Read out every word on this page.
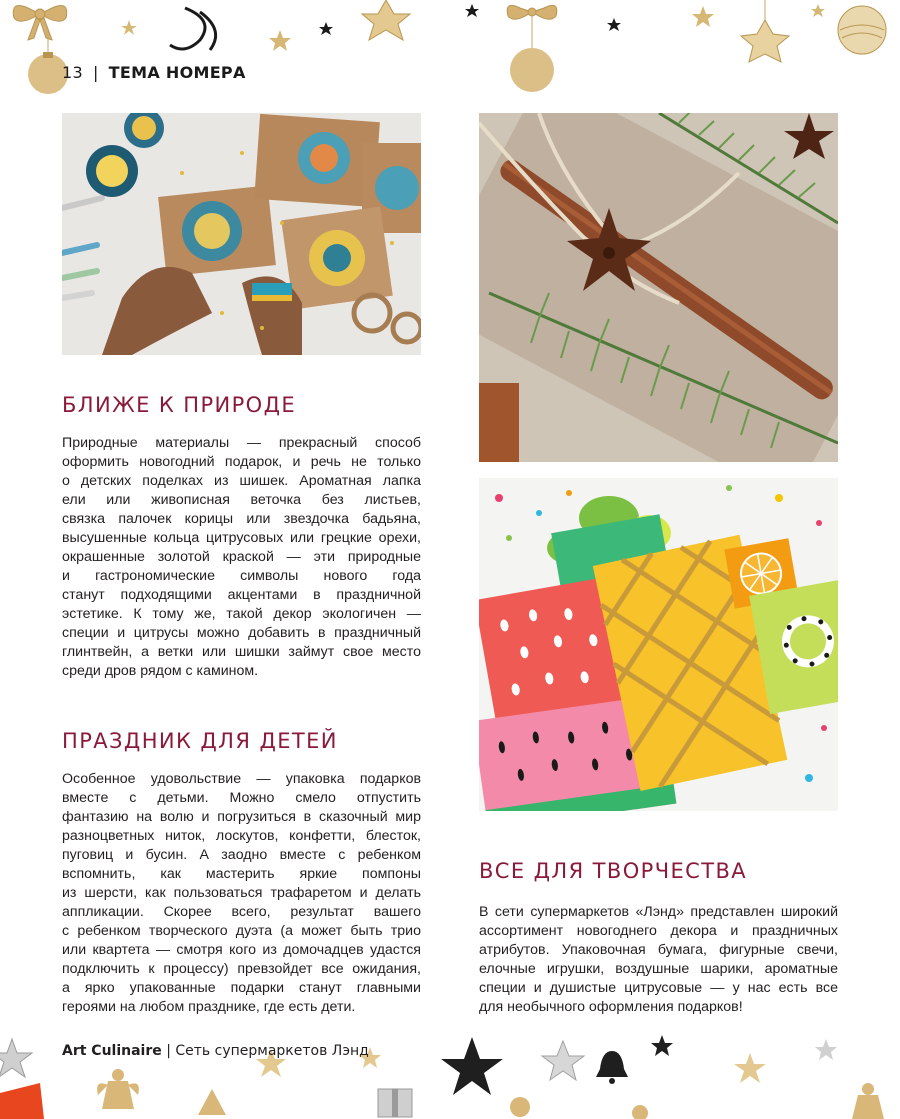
13 | ТЕМА НОМЕРА
БЛИЖЕ К ПРИРОДЕ
Природные материалы — прекрасный способ
оформить новогодний подарок, и речь не только
о детских поделках из шишек. Ароматная лапка
ели или живописная веточка без листьев,
связка палочек корицы или звездочка бадьяна,
высушенные кольца цитрусовых или грецкие орехи,
окрашенные золотой краской — эти природные
и гастрономические символы нового года
станут подходящими акцентами в праздничной
эстетике. К тому же, такой декор экологичен —
специи и цитрусы можно добавить в праздничный
глинтвейн, а ветки или шишки займут свое место
среди дров рядом с камином.
ПРАЗДНИК ДЛЯ ДЕТЕЙ
Особенное удовольствие — упаковка подарков
вместе с детьми. Можно смело отпустить
фантазию на волю и погрузиться в сказочный мир
разноцветных ниток, лоскутов, конфетти, блесток,
пуговиц и бусин. А заодно вместе с ребенком
вспомнить, как мастерить яркие помпоны
из шерсти, как пользоваться трафаретом и делать
аппликации. Скорее всего, результат вашего
с ребенком творческого дуэта (а может быть трио
или квартета — смотря кого из домочадцев удастся
подключить к процессу) превзойдет все ожидания,
а ярко упакованные подарки станут главными
героями на любом празднике, где есть дети.
ВСЕ ДЛЯ ТВОРЧЕСТВА
В сети супермаркетов «Лэнд» представлен широкий
ассортимент новогоднего декора и праздничных
атрибутов. Упаковочная бумага, фигурные свечи,
елочные игрушки, воздушные шарики, ароматные
специи и душистые цитрусовые — у нас есть все
для необычного оформления подарков!
Art Culinaire | Сеть супермаркетов Лэнд
